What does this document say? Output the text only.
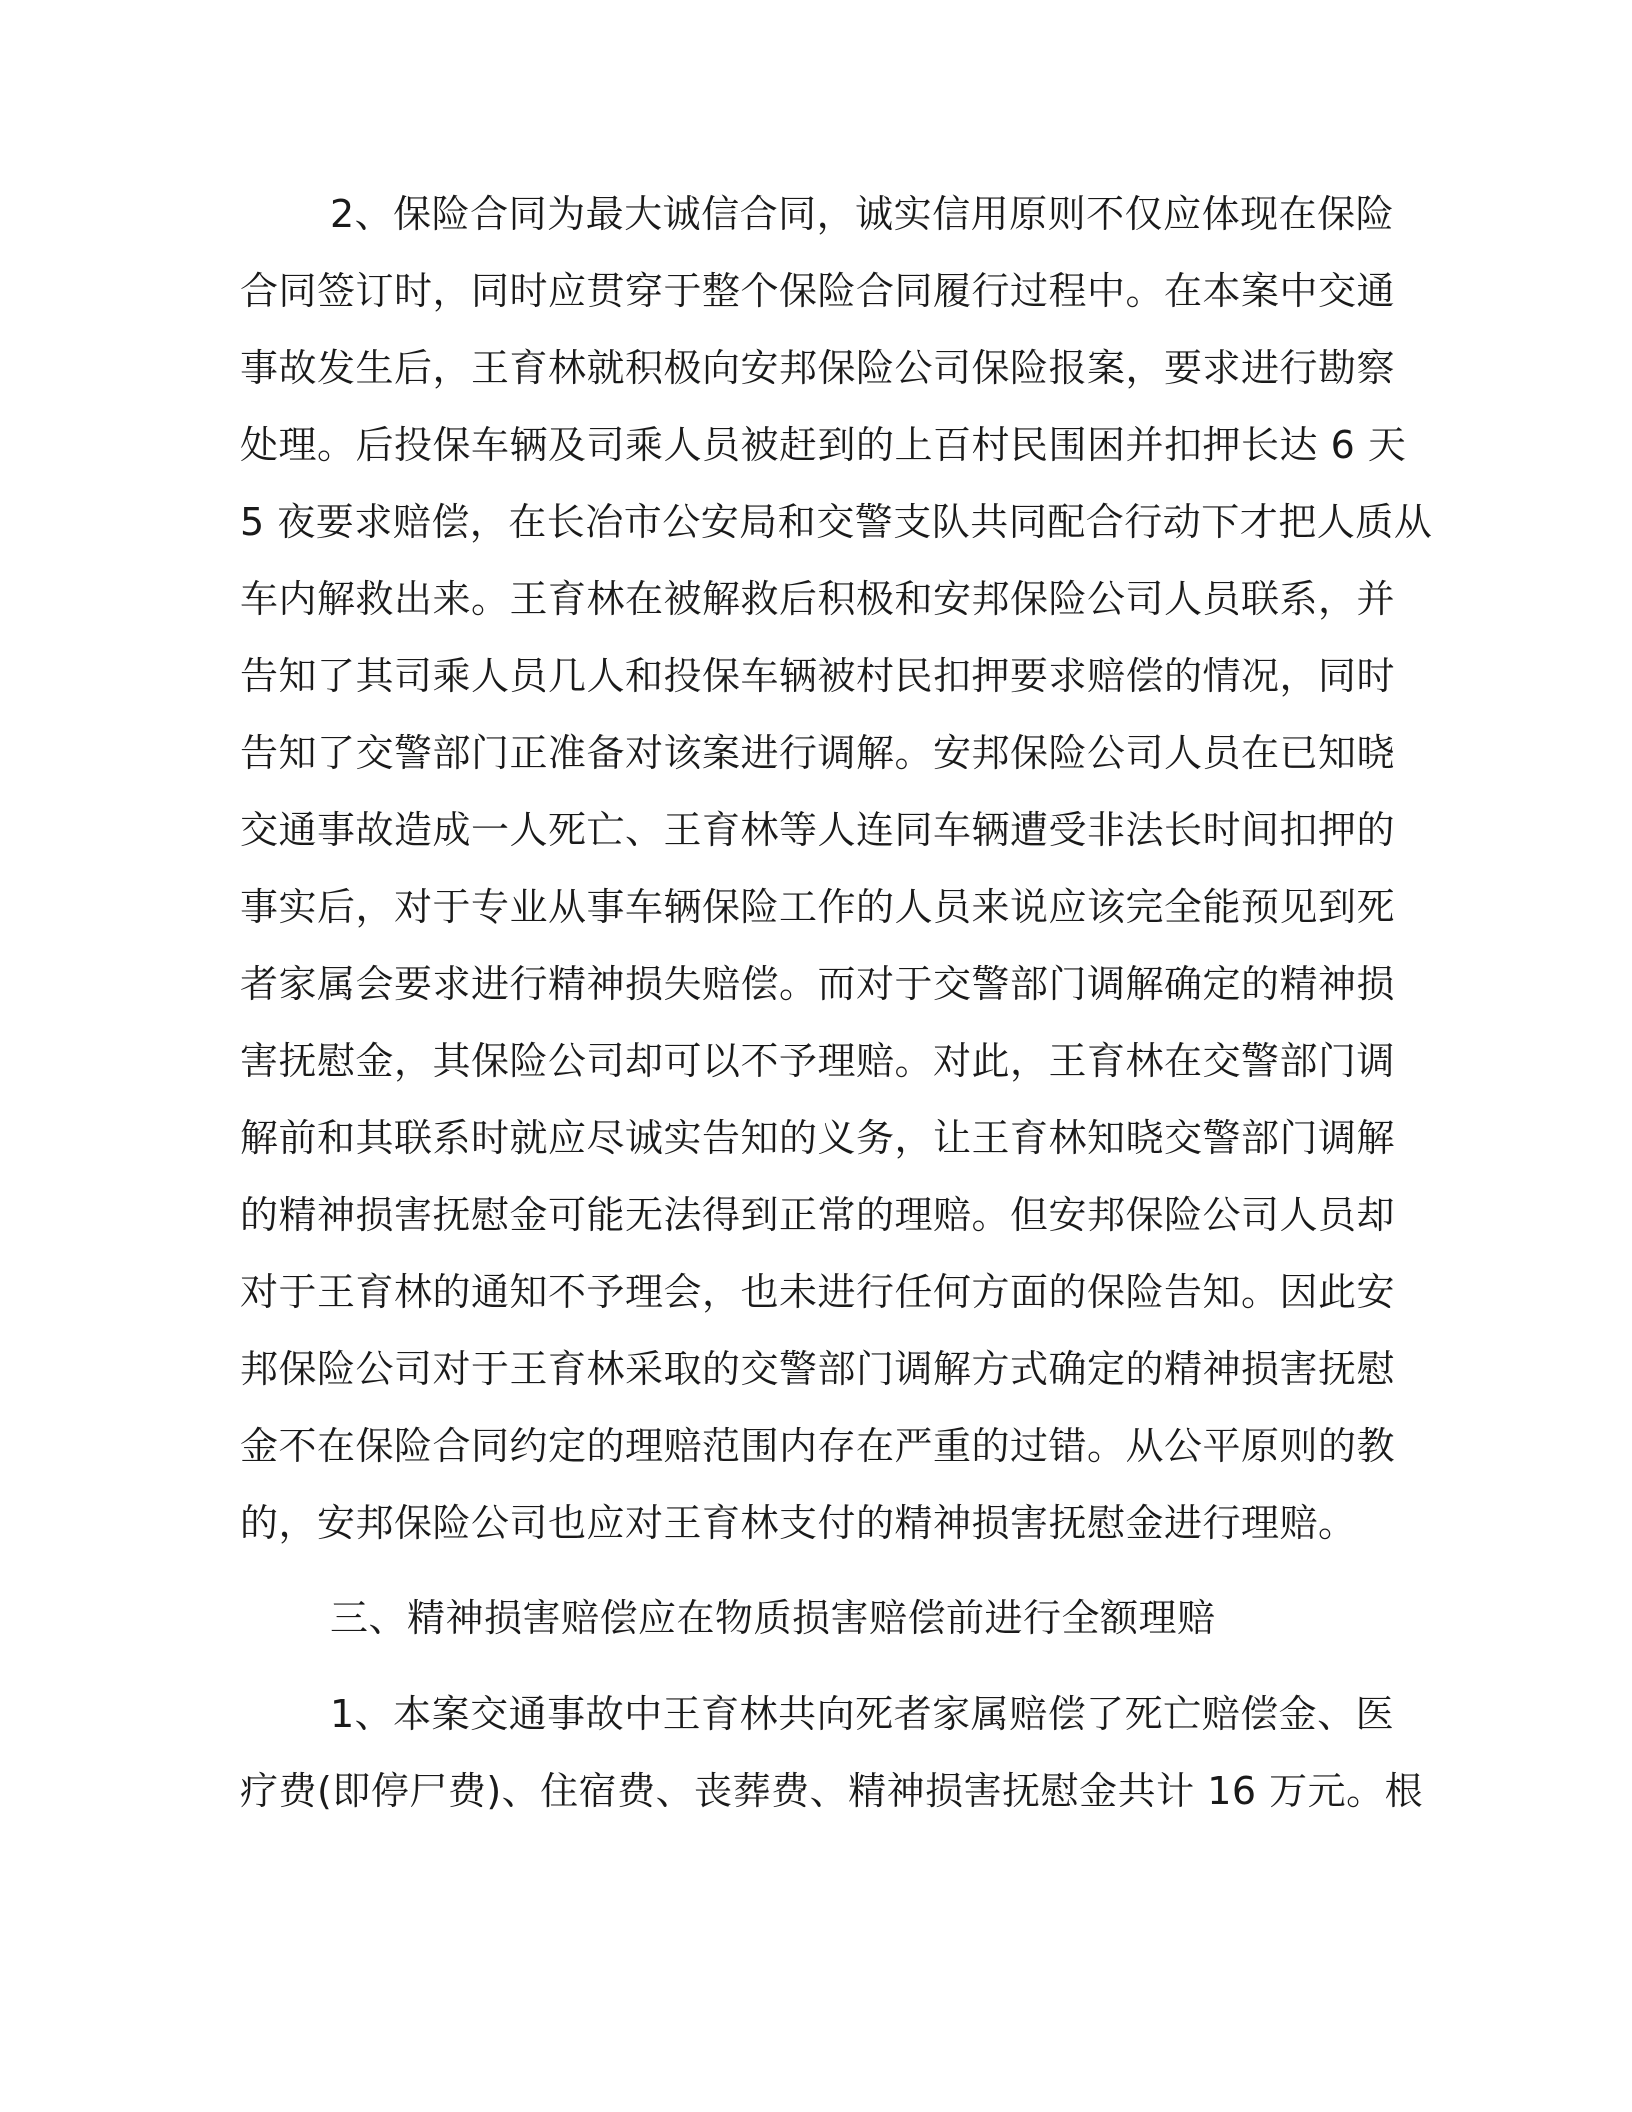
2、保险合同为最大诚信合同，诚实信用原则不仅应体现在保险
合同签订时，同时应贯穿于整个保险合同履行过程中。在本案中交通
事故发生后，王育林就积极向安邦保险公司保险报案，要求进行勘察
处理。后投保车辆及司乘人员被赶到的上百村民围困并扣押长达 6 天
5 夜要求赔偿，在长冶市公安局和交警支队共同配合行动下才把人质从
车内解救出来。王育林在被解救后积极和安邦保险公司人员联系，并
告知了其司乘人员几人和投保车辆被村民扣押要求赔偿的情况，同时
告知了交警部门正准备对该案进行调解。安邦保险公司人员在已知晓
交通事故造成一人死亡、王育林等人连同车辆遭受非法长时间扣押的
事实后，对于专业从事车辆保险工作的人员来说应该完全能预见到死
者家属会要求进行精神损失赔偿。而对于交警部门调解确定的精神损
害抚慰金，其保险公司却可以不予理赔。对此，王育林在交警部门调
解前和其联系时就应尽诚实告知的义务，让王育林知晓交警部门调解
的精神损害抚慰金可能无法得到正常的理赔。但安邦保险公司人员却
对于王育林的通知不予理会，也未进行任何方面的保险告知。因此安
邦保险公司对于王育林采取的交警部门调解方式确定的精神损害抚慰
金不在保险合同约定的理赔范围内存在严重的过错。从公平原则的教
的，安邦保险公司也应对王育林支付的精神损害抚慰金进行理赔。
三、精神损害赔偿应在物质损害赔偿前进行全额理赔
1、本案交通事故中王育林共向死者家属赔偿了死亡赔偿金、医
疗费(即停尸费)、住宿费、丧葬费、精神损害抚慰金共计 16 万元。根
